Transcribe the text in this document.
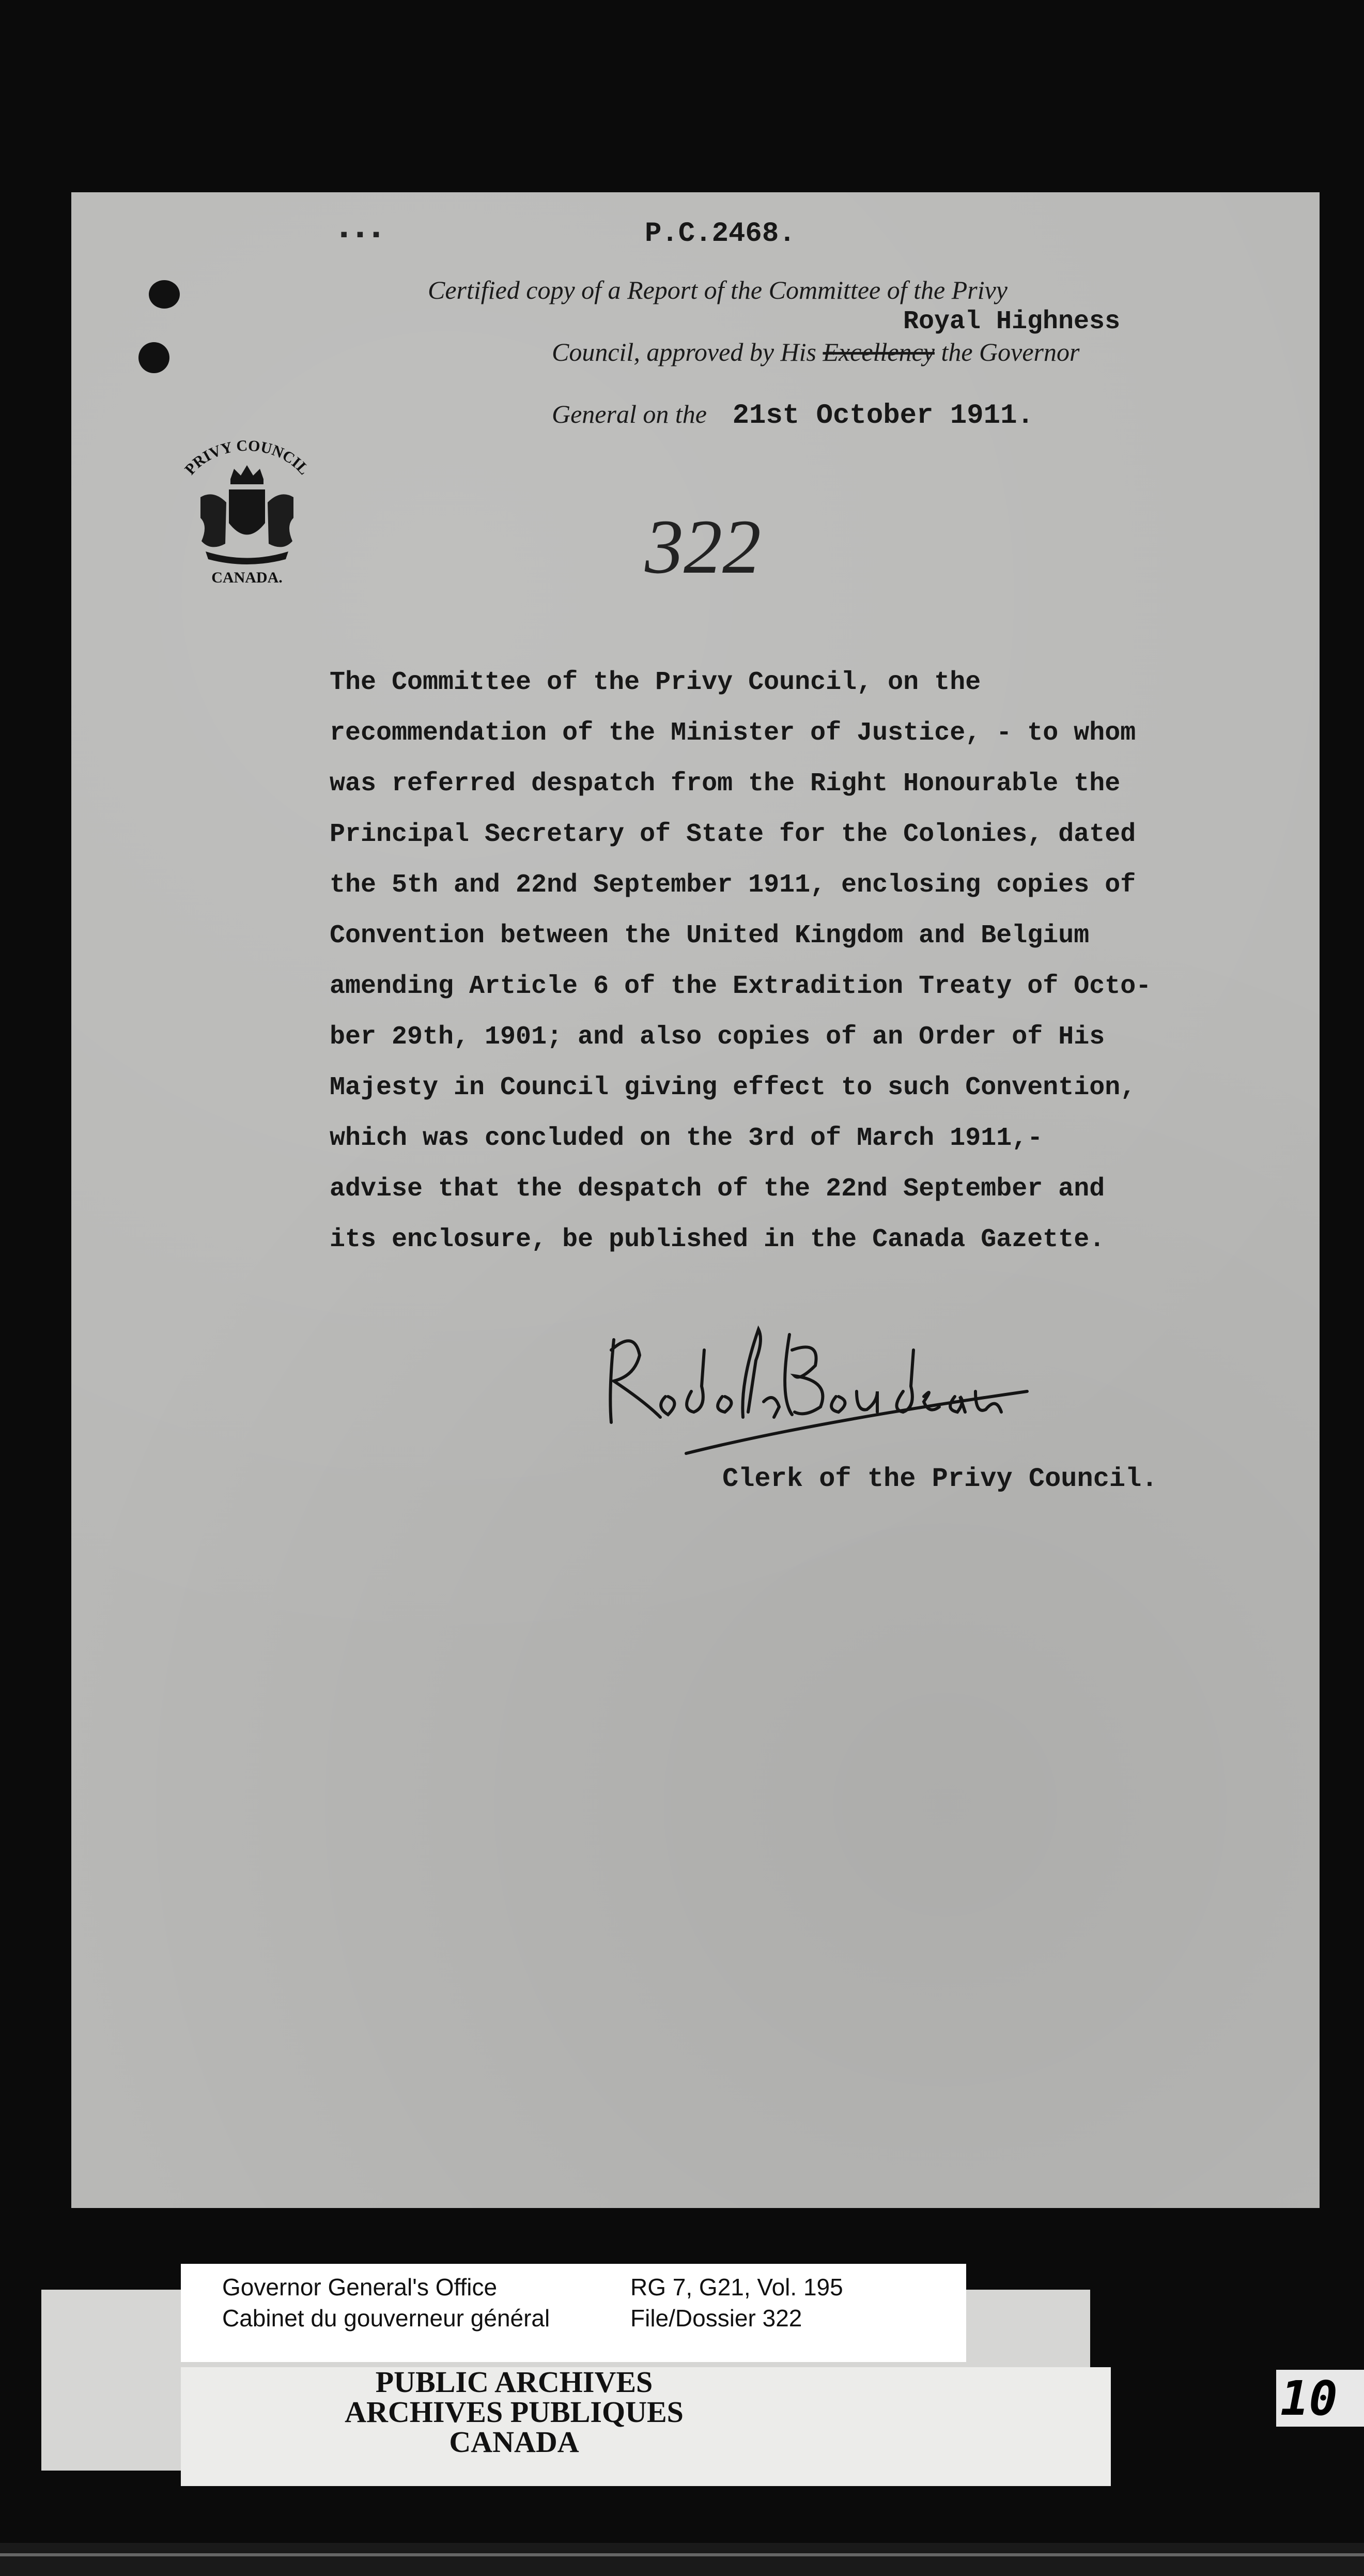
▪▪▪	P.C.2468.
Certified copy of a Report of the Committee of the Privy
Royal Highness
Council, approved by His Excellency the Governor
General on the 21st October 1911.
PRIVY COUNCIL
CANADA.	322
The Committee of the Privy Council, on the
recommendation of the Minister of Justice, - to whom
was referred despatch from the Right Honourable the
Principal Secretary of State for the Colonies, dated
the 5th and 22nd September 1911, enclosing copies of
Convention between the United Kingdom and Belgium
amending Article 6 of the Extradition Treaty of Octo-
ber 29th, 1901; and also copies of an Order of His
Majesty in Council giving effect to such Convention,
which was concluded on the 3rd of March 1911,-
advise that the despatch of the 22nd September and
its enclosure, be published in the Canada Gazette.
Clerk of the Privy Council.
Governor General's Office
Cabinet du gouverneur général
RG 7, G21, Vol. 195
File/Dossier 322
PUBLIC ARCHIVES
ARCHIVES PUBLIQUES
CANADA
10
